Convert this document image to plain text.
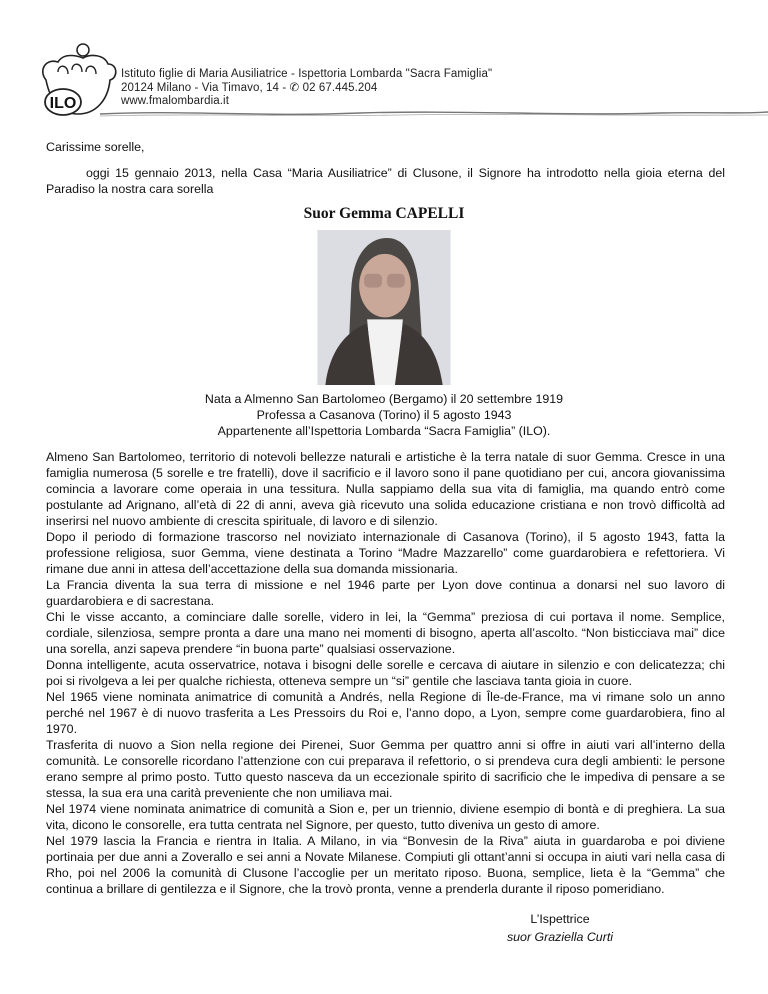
ILO
Istituto figlie di Maria Ausiliatrice - Ispettoria Lombarda "Sacra Famiglia"
20124 Milano - Via Timavo, 14 - ✆ 02 67.445.204
www.fmalombardia.it
Carissime sorelle,
oggi 15 gennaio 2013, nella Casa “Maria Ausiliatrice” di Clusone, il Signore ha introdotto nella gioia eterna del Paradiso la nostra cara sorella
Suor Gemma CAPELLI
Nata a Almenno San Bartolomeo (Bergamo) il 20 settembre 1919
Professa a Casanova (Torino) il 5 agosto 1943
Appartenente all’Ispettoria Lombarda “Sacra Famiglia” (ILO).
Almeno San Bartolomeo, territorio di notevoli bellezze naturali e artistiche è la terra natale di suor Gemma. Cresce in una famiglia numerosa (5 sorelle e tre fratelli), dove il sacrificio e il lavoro sono il pane quotidiano per cui, ancora giovanissima comincia a lavorare come operaia in una tessitura. Nulla sappiamo della sua vita di famiglia, ma quando entrò come postulante ad Arignano, all’età di 22 di anni, aveva già ricevuto una solida educazione cristiana e non trovò difficoltà ad inserirsi nel nuovo ambiente di crescita spirituale, di lavoro e di silenzio.
Dopo il periodo di formazione trascorso nel noviziato internazionale di Casanova (Torino), il 5 agosto 1943, fatta la professione religiosa, suor Gemma, viene destinata a Torino “Madre Mazzarello” come guardarobiera e refettoriera. Vi rimane due anni in attesa dell’accettazione della sua domanda missionaria.
La Francia diventa la sua terra di missione e nel 1946 parte per Lyon dove continua a donarsi nel suo lavoro di guardarobiera e di sacrestana.
Chi le visse accanto, a cominciare dalle sorelle, videro in lei, la “Gemma” preziosa di cui portava il nome. Semplice, cordiale, silenziosa, sempre pronta a dare una mano nei momenti di bisogno, aperta all’ascolto. “Non bisticciava mai” dice una sorella, anzi sapeva prendere “in buona parte” qualsiasi osservazione.
Donna intelligente, acuta osservatrice, notava i bisogni delle sorelle e cercava di aiutare in silenzio e con delicatezza; chi poi si rivolgeva a lei per qualche richiesta, otteneva sempre un “si” gentile che lasciava tanta gioia in cuore.
Nel 1965 viene nominata animatrice di comunità a Andrés, nella Regione di Île-de-France, ma vi rimane solo un anno perché nel 1967 è di nuovo trasferita a Les Pressoirs du Roi e, l’anno dopo, a Lyon, sempre come guardarobiera, fino al 1970.
Trasferita di nuovo a Sion nella regione dei Pirenei, Suor Gemma per quattro anni si offre in aiuti vari all’interno della comunità. Le consorelle ricordano l’attenzione con cui preparava il refettorio, o si prendeva cura degli ambienti: le persone erano sempre al primo posto. Tutto questo nasceva da un eccezionale spirito di sacrificio che le impediva di pensare a se stessa, la sua era una carità preveniente che non umiliava mai.
Nel 1974 viene nominata animatrice di comunità a Sion e, per un triennio, diviene esempio di bontà e di preghiera. La sua vita, dicono le consorelle, era tutta centrata nel Signore, per questo, tutto diveniva un gesto di amore.
Nel 1979 lascia la Francia e rientra in Italia. A Milano, in via “Bonvesin de la Riva” aiuta in guardaroba e poi diviene portinaia per due anni a Zoverallo e sei anni a Novate Milanese. Compiuti gli ottant’anni si occupa in aiuti vari nella casa di Rho, poi nel 2006 la comunità di Clusone l’accoglie per un meritato riposo. Buona, semplice, lieta è la “Gemma” che continua a brillare di gentilezza e il Signore, che la trovò pronta, venne a prenderla durante il riposo pomeridiano.
L’Ispettrice
suor Graziella Curti
